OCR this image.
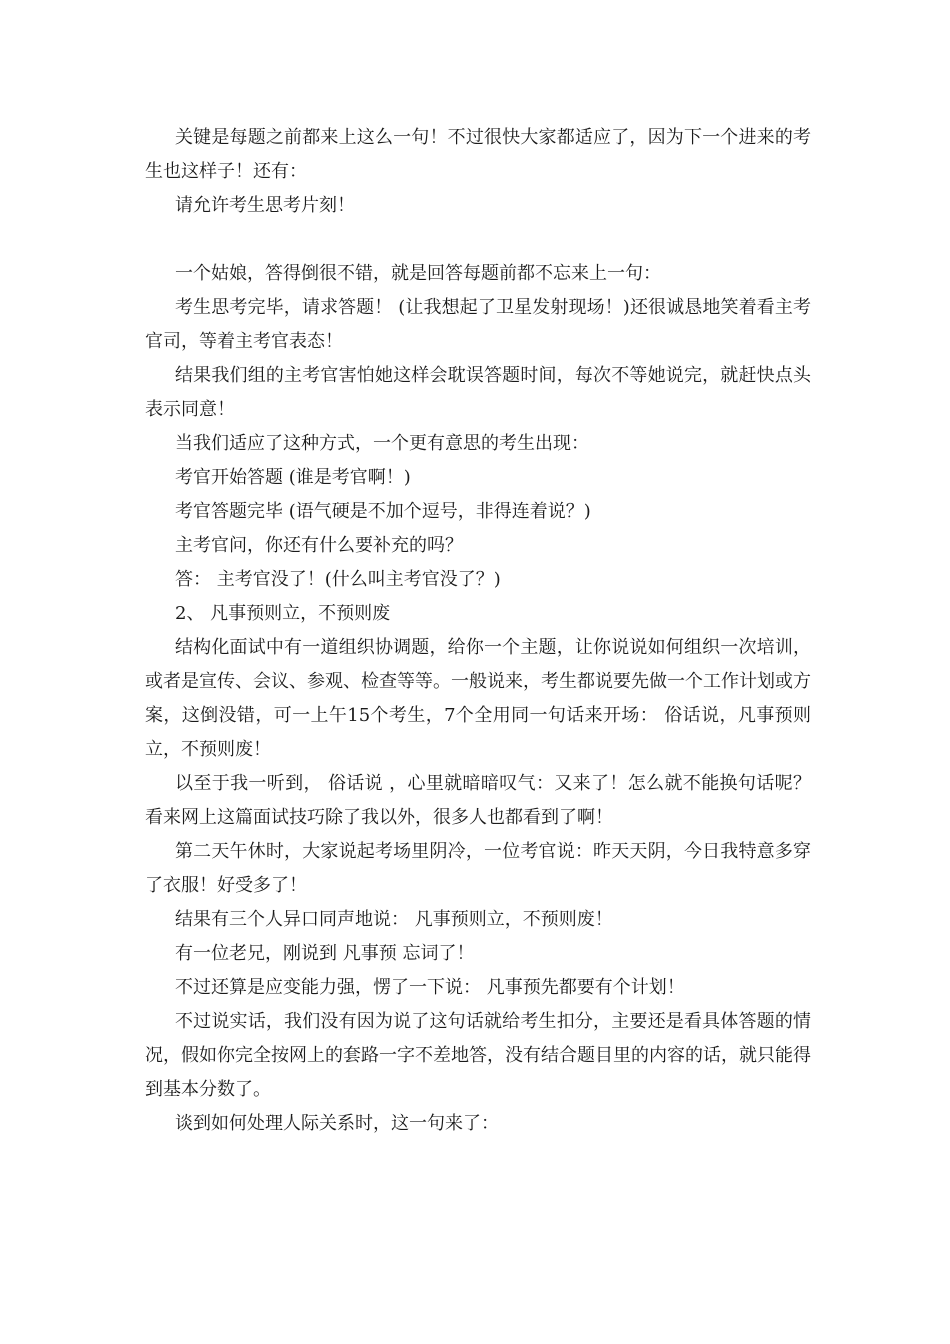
关键是每题之前都来上这么一句！不过很快大家都适应了，因为下一个进来的考生也这样子！还有：

请允许考生思考片刻！

一个姑娘，答得倒很不错，就是回答每题前都不忘来上一句：

考生思考完毕，请求答题！ (让我想起了卫星发射现场！)还很诚恳地笑着看主考官司，等着主考官表态！

结果我们组的主考官害怕她这样会耽误答题时间，每次不等她说完，就赶快点头表示同意！

当我们适应了这种方式，一个更有意思的考生出现：

考官开始答题 (谁是考官啊！)

考官答题完毕 (语气硬是不加个逗号，非得连着说？)

主考官问，你还有什么要补充的吗？

答： 主考官没了！(什么叫主考官没了？)

2、 凡事预则立，不预则废

结构化面试中有一道组织协调题，给你一个主题，让你说说如何组织一次培训，或者是宣传、会议、参观、检查等等。一般说来，考生都说要先做一个工作计划或方案，这倒没错，可一上午15个考生，7个全用同一句话来开场： 俗话说，凡事预则立，不预则废！

以至于我一听到， 俗话说 ，心里就暗暗叹气：又来了！怎么就不能换句话呢？看来网上这篇面试技巧除了我以外，很多人也都看到了啊！

第二天午休时，大家说起考场里阴冷，一位考官说：昨天天阴，今日我特意多穿了衣服！好受多了！

结果有三个人异口同声地说： 凡事预则立，不预则废！

有一位老兄，刚说到 凡事预 忘词了！

不过还算是应变能力强，愣了一下说： 凡事预先都要有个计划！

不过说实话，我们没有因为说了这句话就给考生扣分，主要还是看具体答题的情况，假如你完全按网上的套路一字不差地答，没有结合题目里的内容的话，就只能得到基本分数了。

谈到如何处理人际关系时，这一句来了：
